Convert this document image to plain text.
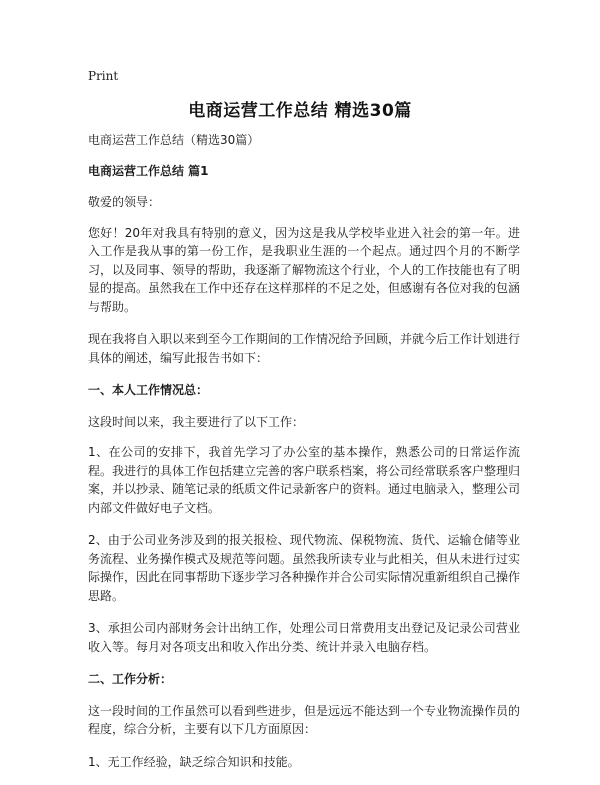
Print
电商运营工作总结 精选30篇

电商运营工作总结（精选30篇）

电商运营工作总结 篇1

敬爱的领导：

您好！20年对我具有特别的意义，因为这是我从学校毕业进入社会的第一年。进入工作是我从事的第一份工作，是我职业生涯的一个起点。通过四个月的不断学习，以及同事、领导的帮助，我逐渐了解物流这个行业，个人的工作技能也有了明显的提高。虽然我在工作中还存在这样那样的不足之处，但感谢有各位对我的包涵与帮助。

现在我将自入职以来到至今工作期间的工作情况给予回顾，并就今后工作计划进行具体的阐述，编写此报告书如下：

一、本人工作情况总：

这段时间以来，我主要进行了以下工作：

1、在公司的安排下，我首先学习了办公室的基本操作，熟悉公司的日常运作流程。我进行的具体工作包括建立完善的客户联系档案，将公司经常联系客户整理归案，并以抄录、随笔记录的纸质文件记录新客户的资料。通过电脑录入，整理公司内部文件做好电子文档。

2、由于公司业务涉及到的报关报检、现代物流、保税物流、货代、运输仓储等业务流程、业务操作模式及规范等问题。虽然我所读专业与此相关，但从未进行过实际操作，因此在同事帮助下逐步学习各种操作并合公司实际情况重新组织自己操作思路。

3、承担公司内部财务会计出纳工作，处理公司日常费用支出登记及记录公司营业收入等。每月对各项支出和收入作出分类、统计并录入电脑存档。

二、工作分析：

这一段时间的工作虽然可以看到些进步，但是远远不能达到一个专业物流操作员的程度，综合分析，主要有以下几方面原因：

1、无工作经验，缺乏综合知识和技能。
